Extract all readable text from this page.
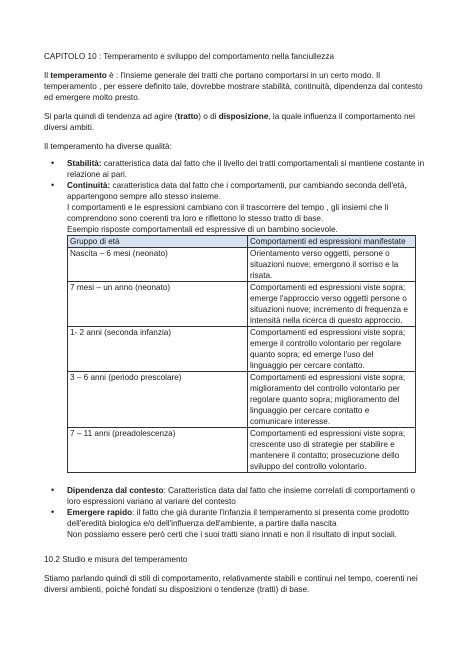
CAPITOLO 10 : Temperamento e sviluppo del comportamento nella fanciullezza

Il temperamento è : l'insieme generale dei tratti che portano comportarsi in un certo modo. Il temperamento , per essere definito tale, dovrebbe mostrare stabilità, continuità, dipendenza dal contesto ed emergere molto presto.

Si parla quindi di tendenza ad agire (tratto) o di disposizione, la quale influenza il comportamento nei diversi ambiti.

Il temperamento ha diverse qualità:

• Stabilità: caratteristica data dal fatto che il livello dei tratti comportamentali si mantiene costante in relazione ai pari.
• Continuità: caratteristica data dal fatto che i comportamenti, pur cambiando seconda dell'età, appartengono sempre allo stesso insieme.

I comportamenti e le espressioni cambiano con il trascorrere del tempo , gli insiemi che li comprendono sono coerenti tra loro e riflettono lo stesso tratto di base.

Esempio risposte comportamentali ed espressive di un bambino socievole.

Gruppo di età	Comportamenti ed espressioni manifestate
Nascita – 6 mesi (neonato)	Orientamento verso oggetti, persone o situazioni nuove; emergono il sorriso e la risata.
7 mesi – un anno (neonato)	Comportamenti ed espressioni viste sopra; emerge l'approccio verso oggetti persone o situazioni nuove; incremento di frequenza e intensità nella ricerca di questo approccio.
1- 2 anni (seconda infanzia)	Comportamenti ed espressioni viste sopra; emerge il controllo volontario per regolare quanto sopra; ed emerge l'uso del linguaggio per cercare contatto.
3 – 6 anni (periodo prescolare)	Comportamenti ed espressioni viste sopra; miglioramento del controllo volontario per regolare quanto sopra; miglioramento del linguaggio per cercare contatto e comunicare interesse.
7 – 11 anni (preadolescenza)	Comportamenti ed espressioni viste sopra; crescente uso di strategie per stabilire e mantenere il contatto; prosecuzione dello sviluppo del controllo volontario.
• Dipendenza dal contesto: Caratteristica data dal fatto che insieme correlati di comportamenti o loro espressioni variano al variare del contesto
• Emergere rapido: il fatto che già durante l'infanzia il temperamento si presenta come prodotto dell'eredità biologica e/o dell'influenza dell'ambiente, a partire dalla nascita

Non possiamo essere però certi che i suoi tratti siano innati e non il risultato di input sociali.

10.2 Studio e misura del temperamento

Stiamo parlando quindi di stili di comportamento, relativamente stabili e continui nel tempo, coerenti nei diversi ambienti, poiché fondati su disposizioni o tendenze (tratti) di base.
